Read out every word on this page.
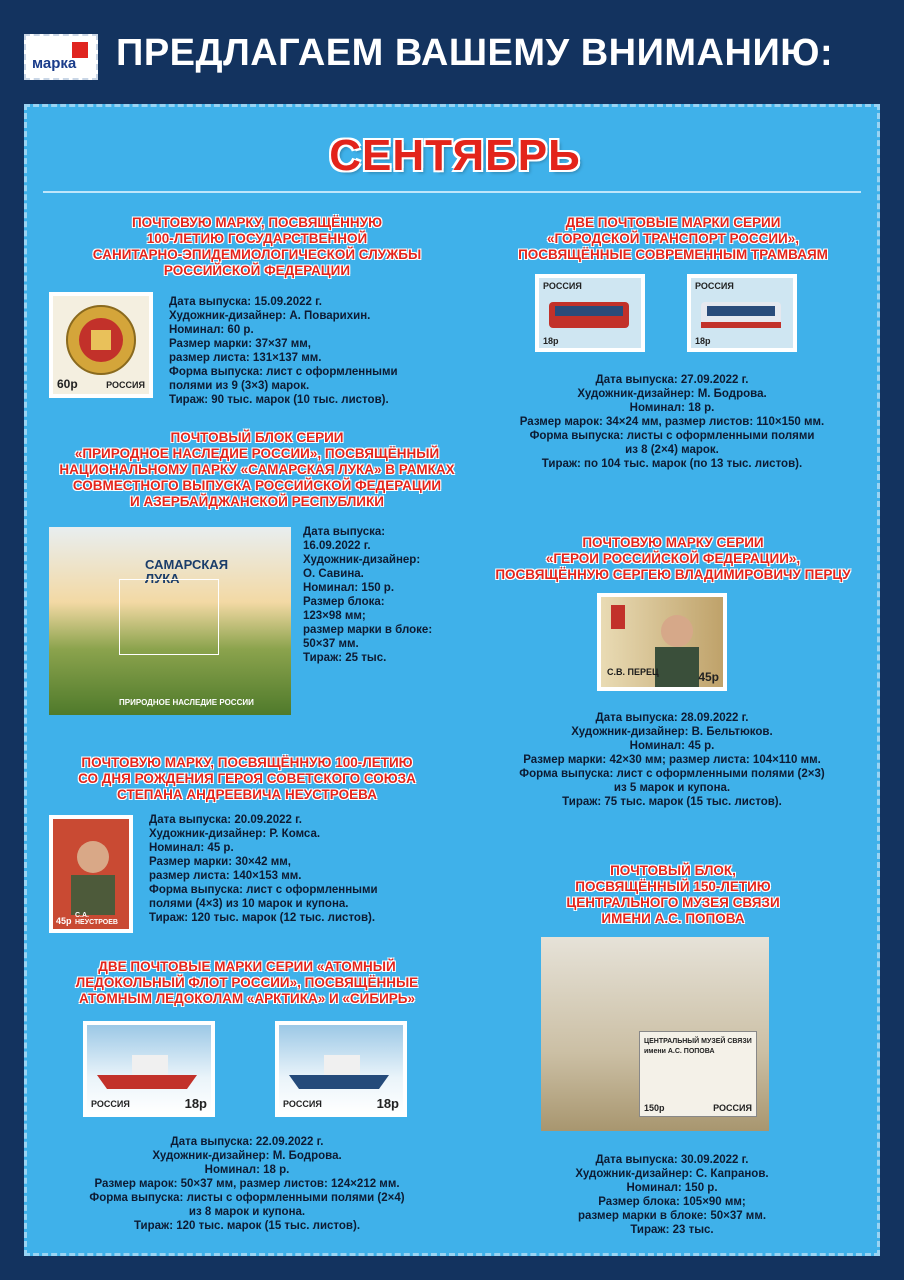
марка ПРЕДЛАГАЕМ ВАШЕМУ ВНИМАНИЮ:
СЕНТЯБРЬ
ПОЧТОВУЮ МАРКУ, ПОСВЯЩЁННУЮ
100-ЛЕТИЮ ГОСУДАРСТВЕННОЙ
САНИТАРНО-ЭПИДЕМИОЛОГИЧЕСКОЙ СЛУЖБЫ
РОССИЙСКОЙ ФЕДЕРАЦИИ
60р	РОССИЯ
Дата выпуска: 15.09.2022 г.
Художник-дизайнер: А. Поварихин.
Номинал: 60 р.
Размер марки: 37×37 мм,
размер листа: 131×137 мм.
Форма выпуска: лист с оформленными
полями из 9 (3×3) марок.
Тираж: 90 тыс. марок (10 тыс. листов).
ПОЧТОВЫЙ БЛОК СЕРИИ
«ПРИРОДНОЕ НАСЛЕДИЕ РОССИИ», ПОСВЯЩЁННЫЙ
НАЦИОНАЛЬНОМУ ПАРКУ «САМАРСКАЯ ЛУКА» В РАМКАХ
СОВМЕСТНОГО ВЫПУСКА РОССИЙСКОЙ ФЕДЕРАЦИИ
И АЗЕРБАЙДЖАНСКОЙ РЕСПУБЛИКИ
САМАРСКАЯ
ЛУКА
ПРИРОДНОЕ НАСЛЕДИЕ РОССИИ
Дата выпуска:
16.09.2022 г.
Художник-дизайнер:
О. Савина.
Номинал: 150 р.
Размер блока:
123×98 мм;
размер марки в блоке:
50×37 мм.
Тираж: 25 тыс.
ПОЧТОВУЮ МАРКУ, ПОСВЯЩЁННУЮ 100-ЛЕТИЮ
СО ДНЯ РОЖДЕНИЯ ГЕРОЯ СОВЕТСКОГО СОЮЗА
СТЕПАНА АНДРЕЕВИЧА НЕУСТРОЕВА
45р
С.А. НЕУСТРОЕВ
Дата выпуска: 20.09.2022 г.
Художник-дизайнер: Р. Комса.
Номинал: 45 р.
Размер марки: 30×42 мм,
размер листа: 140×153 мм.
Форма выпуска: лист с оформленными
полями (4×3) из 10 марок и купона.
Тираж: 120 тыс. марок (12 тыс. листов).
ДВЕ ПОЧТОВЫЕ МАРКИ СЕРИИ «АТОМНЫЙ
ЛЕДОКОЛЬНЫЙ ФЛОТ РОССИИ», ПОСВЯЩЁННЫЕ
АТОМНЫМ ЛЕДОКОЛАМ «АРКТИКА» И «СИБИРЬ»
РОССИЯ	18р	РОССИЯ	18р
Дата выпуска: 22.09.2022 г.
Художник-дизайнер: М. Бодрова.
Номинал: 18 р.
Размер марок: 50×37 мм, размер листов: 124×212 мм.
Форма выпуска: листы с оформленными полями (2×4)
из 8 марок и купона.
Тираж: 120 тыс. марок (15 тыс. листов).
ДВЕ ПОЧТОВЫЕ МАРКИ СЕРИИ
«ГОРОДСКОЙ ТРАНСПОРТ РОССИИ»,
ПОСВЯЩЁННЫЕ СОВРЕМЕННЫМ ТРАМВАЯМ
РОССИЯ
18р
РОССИЯ
18р
Дата выпуска: 27.09.2022 г.
Художник-дизайнер: М. Бодрова.
Номинал: 18 р.
Размер марок: 34×24 мм, размер листов: 110×150 мм.
Форма выпуска: листы с оформленными полями
из 8 (2×4) марок.
Тираж: по 104 тыс. марок (по 13 тыс. листов).
ПОЧТОВУЮ МАРКУ СЕРИИ
«ГЕРОИ РОССИЙСКОЙ ФЕДЕРАЦИИ»,
ПОСВЯЩЁННУЮ СЕРГЕЮ ВЛАДИМИРОВИЧУ ПЕРЦУ
С.В. ПЕРЕЦ	45р
Дата выпуска: 28.09.2022 г.
Художник-дизайнер: В. Бельтюков.
Номинал: 45 р.
Размер марки: 42×30 мм; размер листа: 104×110 мм.
Форма выпуска: лист с оформленными полями (2×3)
из 5 марок и купона.
Тираж: 75 тыс. марок (15 тыс. листов).
ПОЧТОВЫЙ БЛОК,
ПОСВЯЩЁННЫЙ 150-ЛЕТИЮ
ЦЕНТРАЛЬНОГО МУЗЕЯ СВЯЗИ
ИМЕНИ А.С. ПОПОВА
ЦЕНТРАЛЬНЫЙ МУЗЕЙ СВЯЗИ
имени А.С. ПОПОВА
150р	РОССИЯ
Дата выпуска: 30.09.2022 г.
Художник-дизайнер: С. Капранов.
Номинал: 150 р.
Размер блока: 105×90 мм;
размер марки в блоке: 50×37 мм.
Тираж: 23 тыс.
